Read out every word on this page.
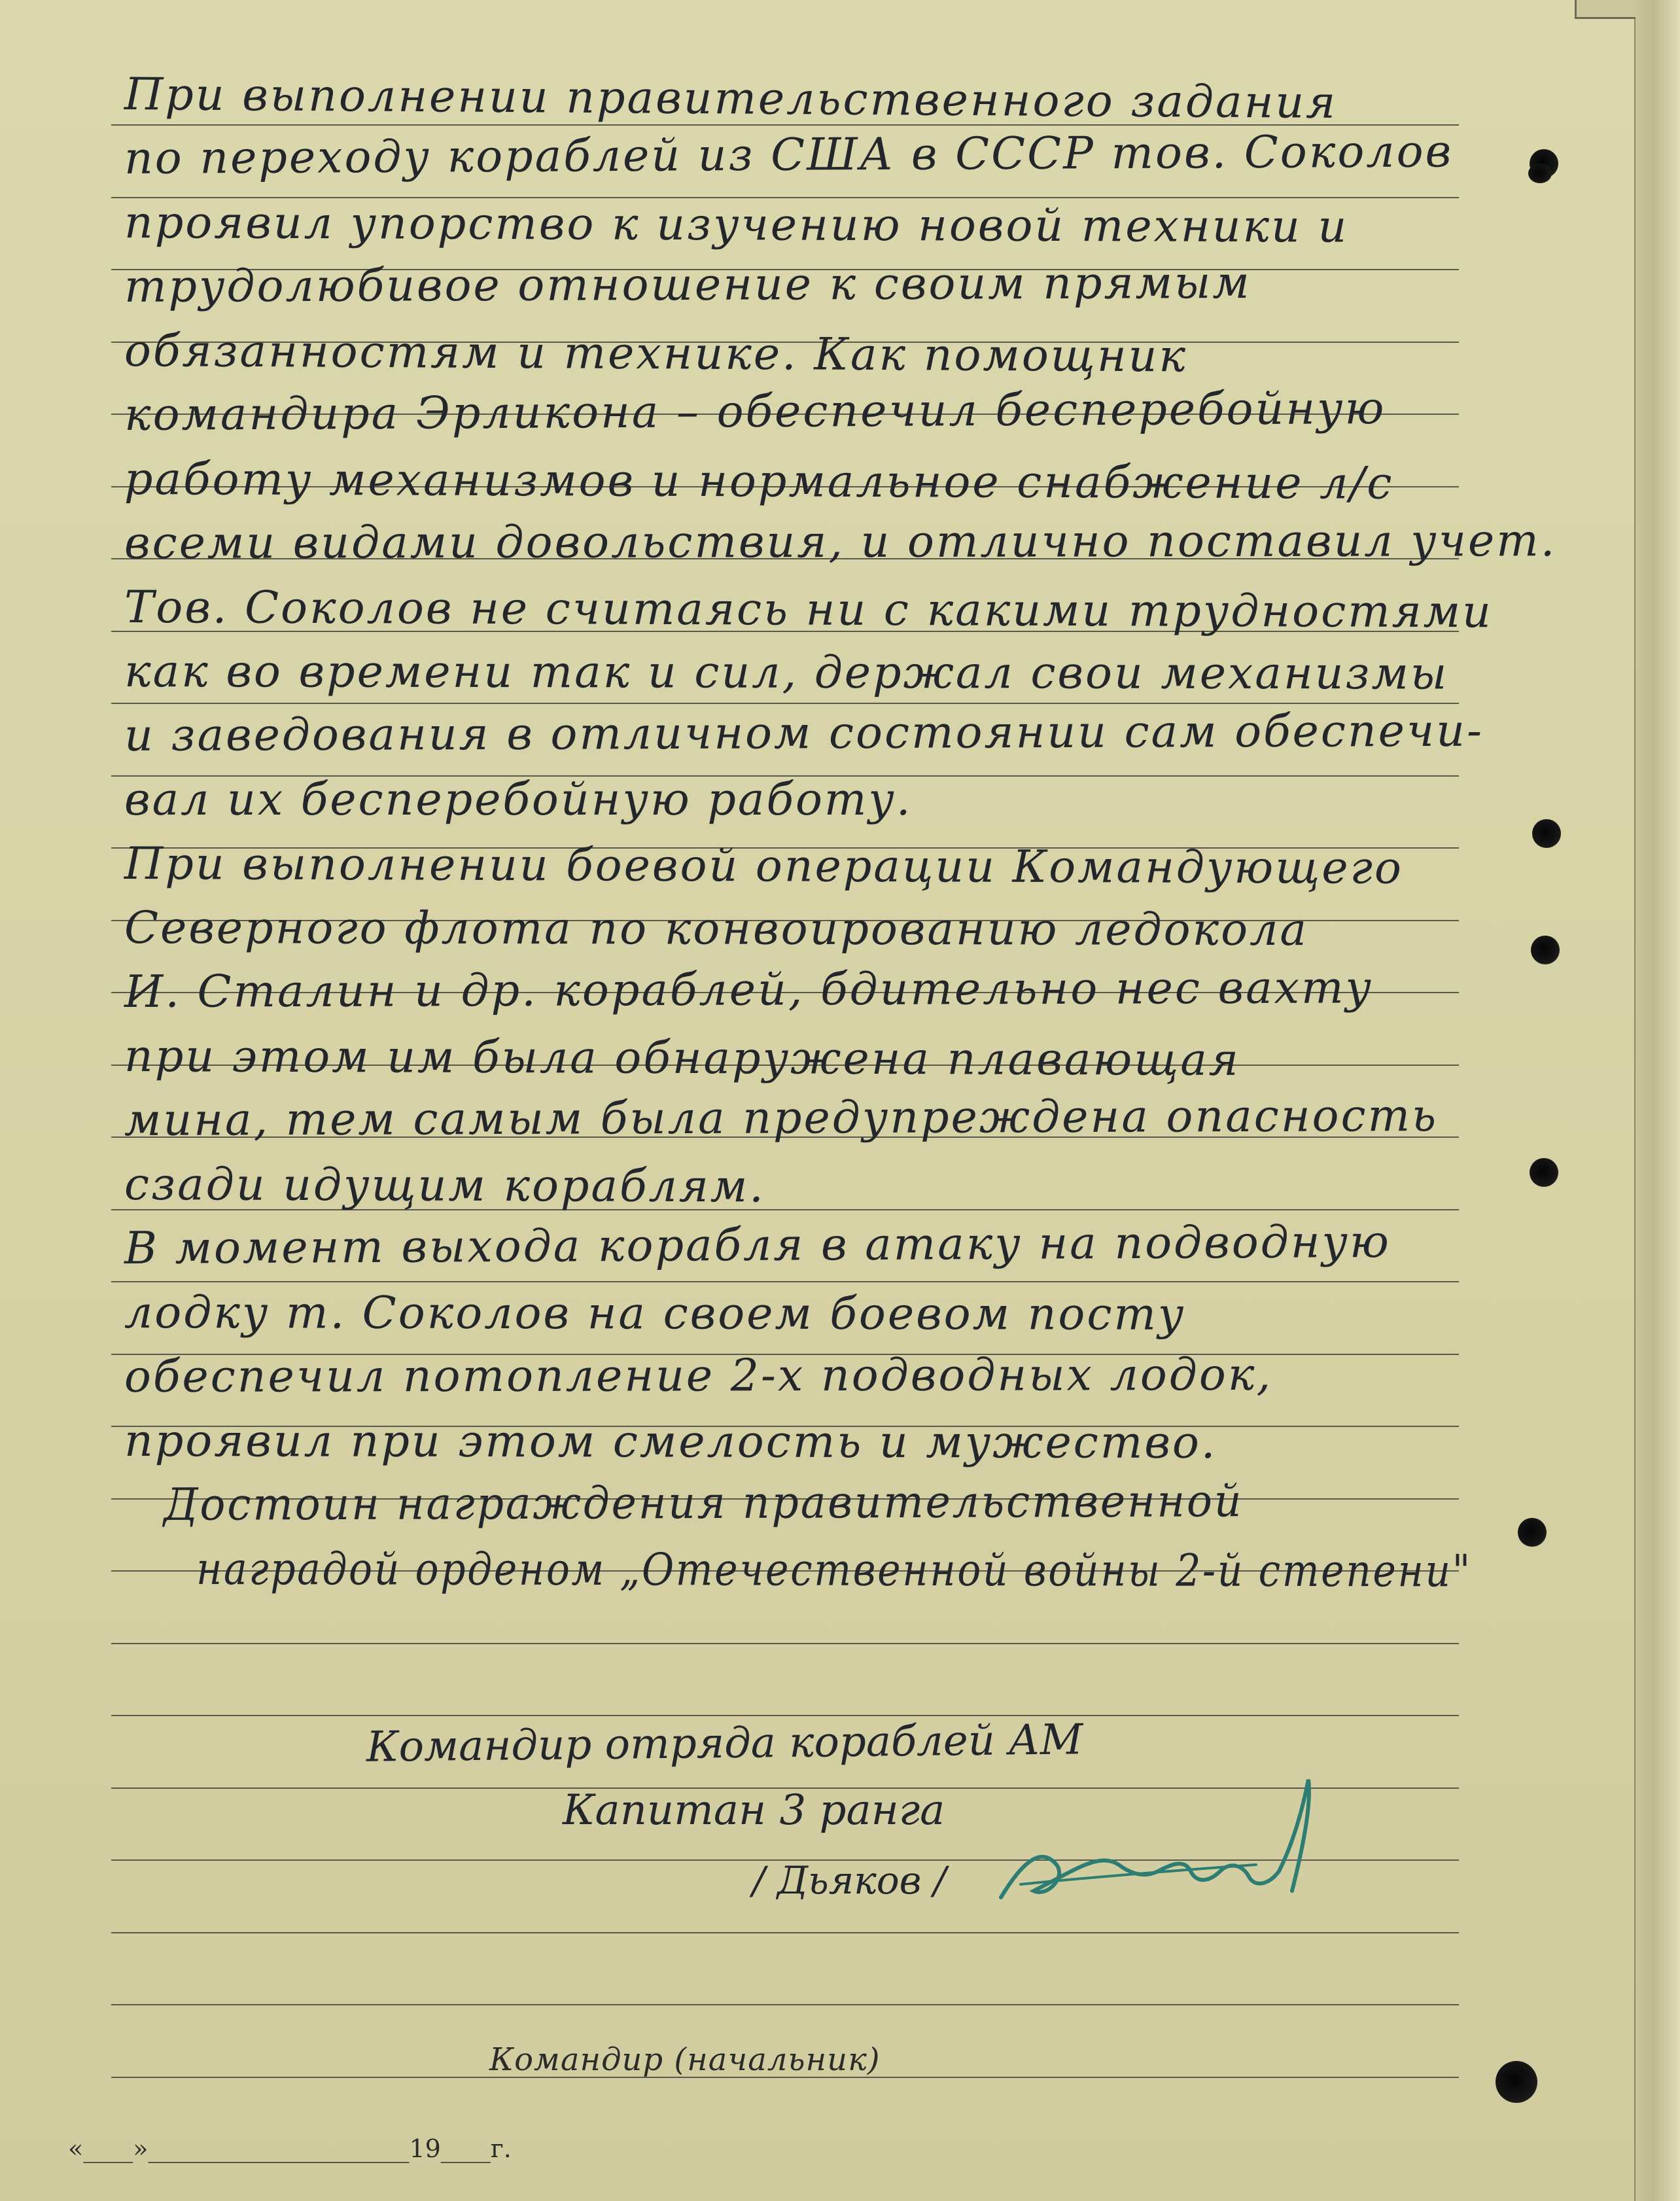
При выполнении правительственного задания
по переходу кораблей из США в СССР тов. Соколов
проявил упорство к изучению новой техники и
трудолюбивое отношение к своим прямым
обязанностям и технике. Как помощник
командира Эрликона – обеспечил бесперебойную
работу механизмов и нормальное снабжение л/с
всеми видами довольствия, и отлично поставил учет.
Тов. Соколов не считаясь ни с какими трудностями
как во времени так и сил, держал свои механизмы
и заведования в отличном состоянии сам обеспечи-
вал их бесперебойную работу.
При выполнении боевой операции Командующего
Северного флота по конвоированию ледокола
И. Сталин и др. кораблей, бдительно нес вахту
при этом им была обнаружена плавающая
мина, тем самым была предупреждена опасность
сзади идущим кораблям.
В момент выхода корабля в атаку на подводную
лодку т. Соколов на своем боевом посту
обеспечил потопление 2-х подводных лодок,
проявил при этом смелость и мужество.
Достоин награждения правительственной
наградой орденом „Отечественной войны 2-й степени"
Командир отряда кораблей АМ
Капитан 3 ранга
/ Дьяков /
Командир (начальник)
«____»_____________________19____г.
